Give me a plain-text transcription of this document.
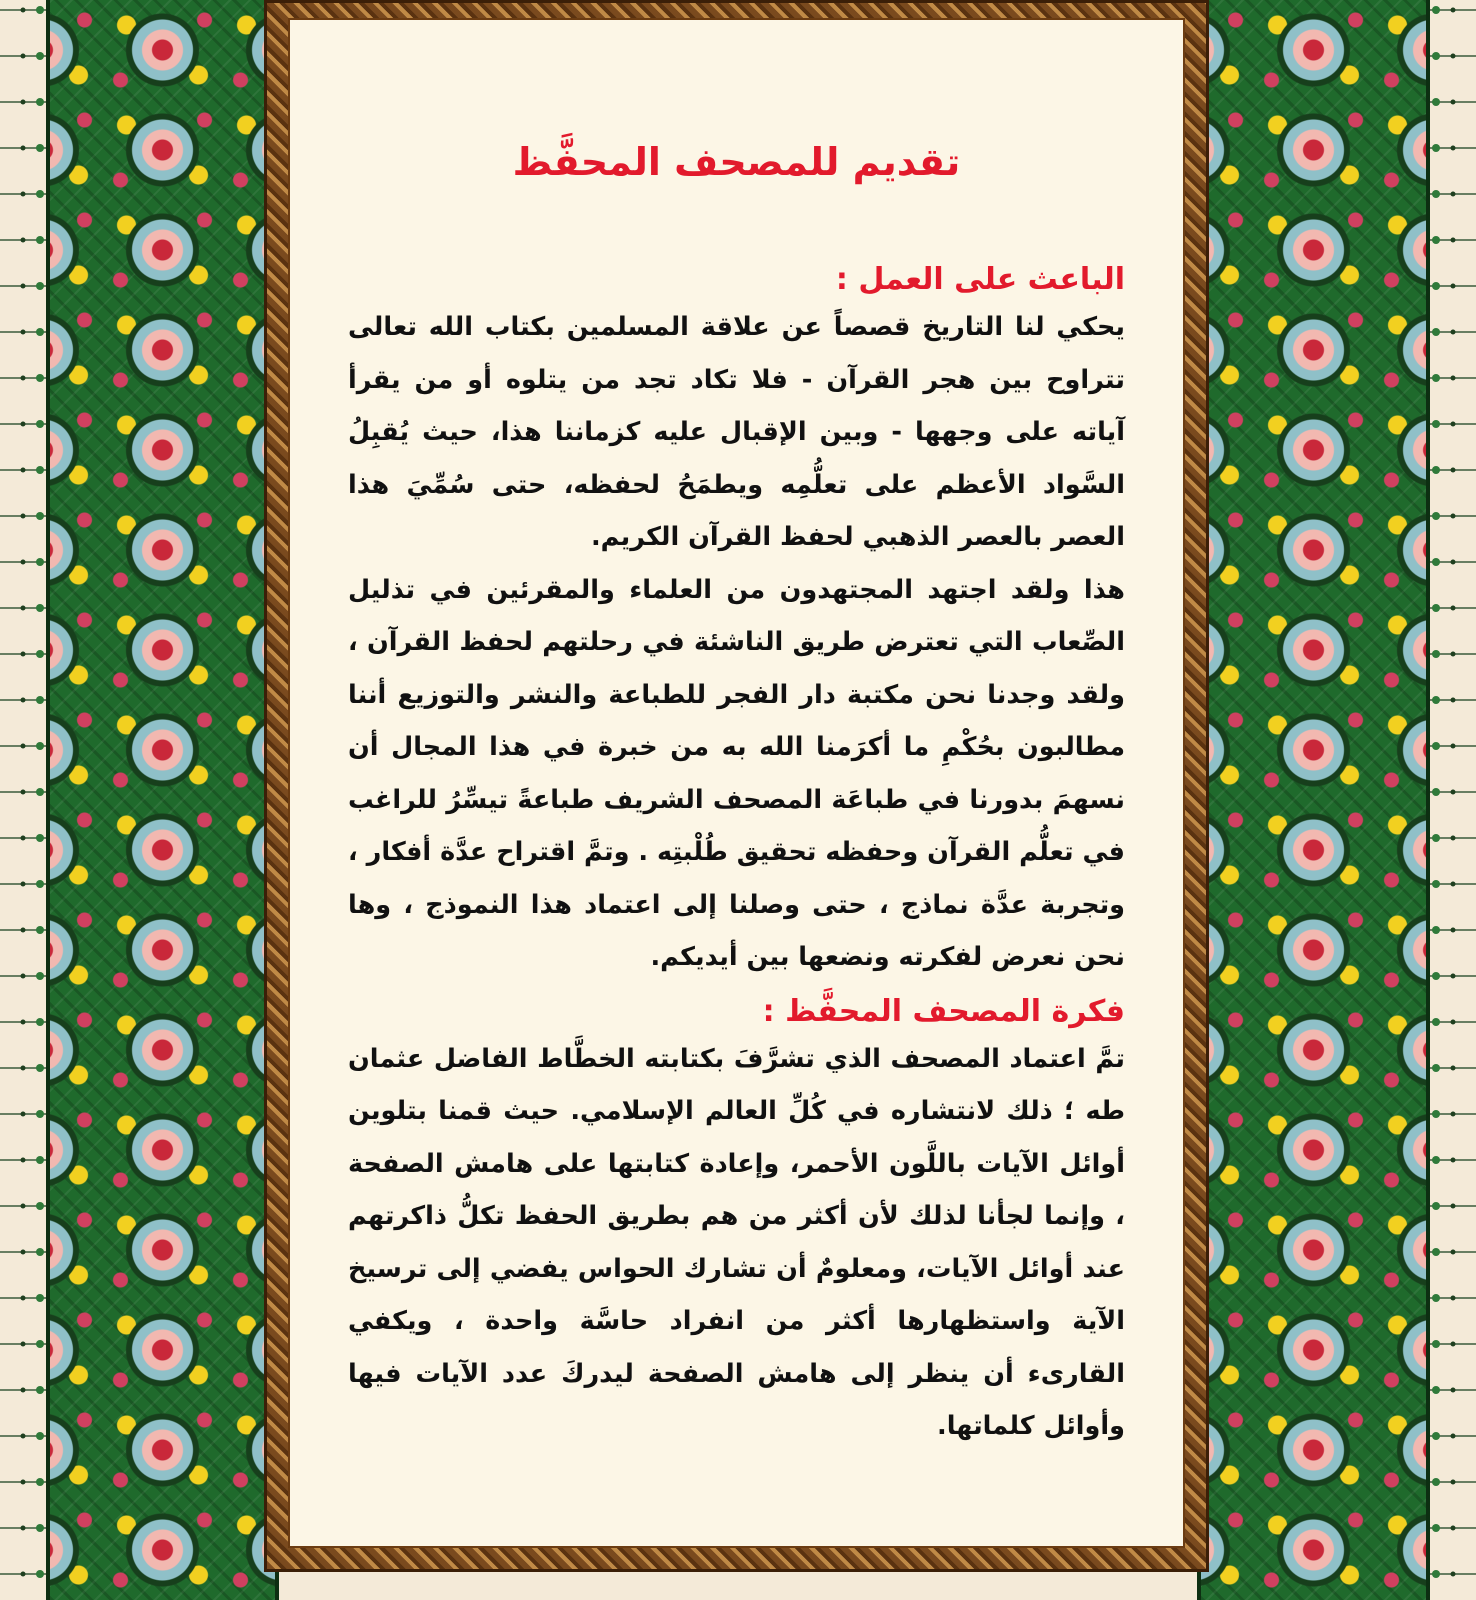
تقديم للمصحف المحفَّظ
الباعث على العمل :

يحكي لنا التاريخ قصصاً عن علاقة المسلمين بكتاب الله تعالى تتراوح بين هجر القرآن - فلا تكاد تجد من يتلوه أو من يقرأ آياته على وجهها - وبين الإقبال عليه كزماننا هذا، حيث يُقبِلُ السَّواد الأعظم على تعلُّمِه ويطمَحُ لحفظه، حتى سُمِّيَ هذا العصر بالعصر الذهبي لحفظ القرآن الكريم.

هذا ولقد اجتهد المجتهدون من العلماء والمقرئين في تذليل الصِّعاب التي تعترض طريق الناشئة في رحلتهم لحفظ القرآن ، ولقد وجدنا نحن مكتبة دار الفجر للطباعة والنشر والتوزيع أننا مطالبون بحُكْمِ ما أكرَمنا الله به من خبرة في هذا المجال أن نسهمَ بدورنا في طباعَة المصحف الشريف طباعةً تيسِّرُ للراغب في تعلُّم القرآن وحفظه تحقيق طُلْبتِه . وتمَّ اقتراح عدَّة أفكار ، وتجربة عدَّة نماذج ، حتى وصلنا إلى اعتماد هذا النموذج ، وها نحن نعرض لفكرته ونضعها بين أيديكم.

فكرة المصحف المحفَّظ :

تمَّ اعتماد المصحف الذي تشرَّفَ بكتابته الخطَّاط الفاضل عثمان طه ؛ ذلك لانتشاره في كُلِّ العالم الإسلامي. حيث قمنا بتلوين أوائل الآيات باللَّون الأحمر، وإعادة كتابتها على هامش الصفحة ، وإنما لجأنا لذلك لأن أكثر من هم بطريق الحفظ تكلُّ ذاكرتهم عند أوائل الآيات، ومعلومٌ أن تشارك الحواس يفضي إلى ترسيخ الآية واستظهارها أكثر من انفراد حاسَّة واحدة ، ويكفي القارىء أن ينظر إلى هامش الصفحة ليدركَ عدد الآيات فيها وأوائل كلماتها.
